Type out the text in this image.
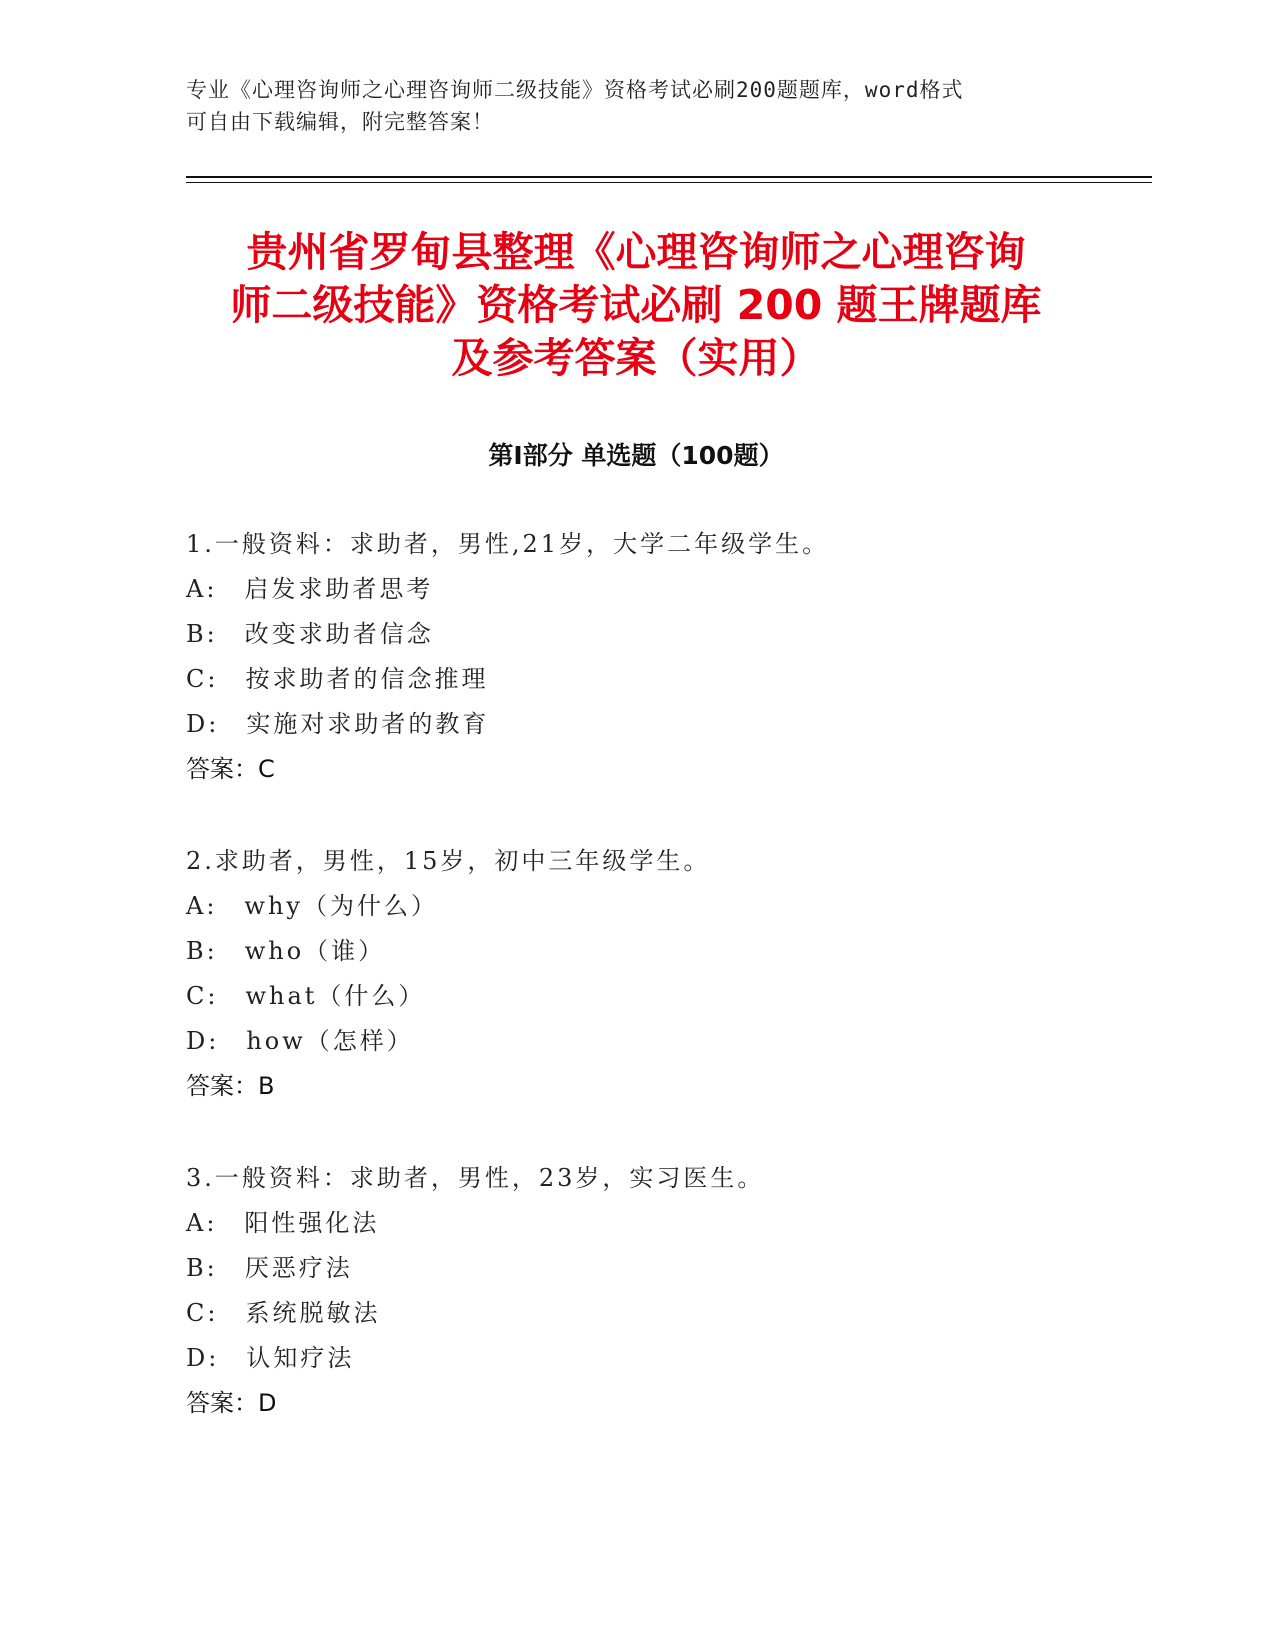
专业《心理咨询师之心理咨询师二级技能》资格考试必刷200题题库，word格式
可自由下载编辑，附完整答案！
贵州省罗甸县整理《心理咨询师之心理咨询
师二级技能》资格考试必刷 200 题王牌题库
及参考答案（实用）
第Ⅰ部分 单选题（100题）
1.一般资料：求助者，男性,21岁，大学二年级学生。
A:　启发求助者思考
B:　改变求助者信念
C:　按求助者的信念推理
D:　实施对求助者的教育
答案：C
2.求助者，男性，15岁，初中三年级学生。
A:　why（为什么）
B:　who（谁）
C:　what（什么）
D:　how（怎样）
答案：B
3.一般资料：求助者，男性，23岁，实习医生。
A:　阳性强化法
B:　厌恶疗法
C:　系统脱敏法
D:　认知疗法
答案：D
